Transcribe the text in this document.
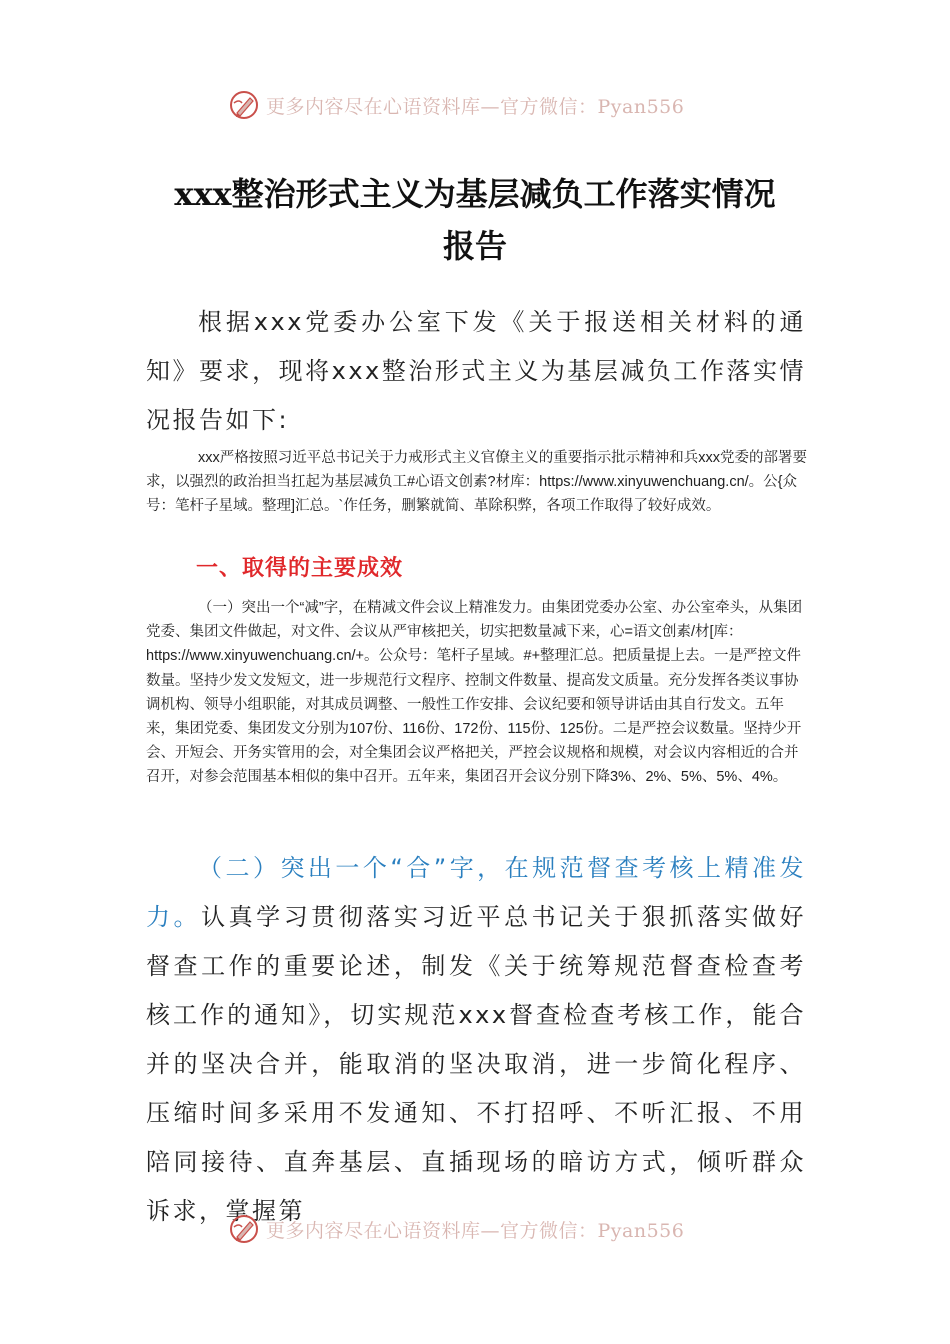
更多内容尽在心语资料库—官方微信：Pyan556
xxx整治形式主义为基层减负工作落实情况
报告

根据xxx党委办公室下发《关于报送相关材料的通知》要求，现将xxx整治形式主义为基层减负工作落实情况报告如下:

xxx严格按照习近平总书记关于力戒形式主义官僚主义的重要指示批示精神和兵xxx党委的部署要求，以强烈的政治担当扛起为基层减负工#心语文创素?材库：https://www.xinyuwenchuang.cn/。公{众号：笔杆子星域。整理]汇总。`作任务，删繁就简、革除积弊，各项工作取得了较好成效。

一、取得的主要成效

（一）突出一个“减”字，在精减文件会议上精准发力。由集团党委办公室、办公室牵头，从集团党委、集团文件做起，对文件、会议从严审核把关，切实把数量减下来，心=语文创素/材[库：https://www.xinyuwenchuang.cn/+。公众号：笔杆子星域。#+整理汇总。把质量提上去。一是严控文件数量。坚持少发文发短文，进一步规范行文程序、控制文件数量、提高发文质量。充分发挥各类议事协调机构、领导小组职能，对其成员调整、一般性工作安排、会议纪要和领导讲话由其自行发文。五年来，集团党委、集团发文分别为107份、116份、172份、115份、125份。二是严控会议数量。坚持少开会、开短会、开务实管用的会，对全集团会议严格把关，严控会议规格和规模，对会议内容相近的合并召开，对参会范围基本相似的集中召开。五年来，集团召开会议分别下降3%、2%、5%、5%、4%。

（二）突出一个“合”字，在规范督查考核上精准发力。认真学习贯彻落实习近平总书记关于狠抓落实做好督查工作的重要论述，制发《关于统筹规范督查检查考核工作的通知》，切实规范xxx督查检查考核工作，能合并的坚决合并，能取消的坚决取消，进一步简化程序、压缩时间多采用不发通知、不打招呼、不听汇报、不用陪同接待、直奔基层、直插现场的暗访方式，倾听群众诉求，掌握第

更多内容尽在心语资料库—官方微信：Pyan556
